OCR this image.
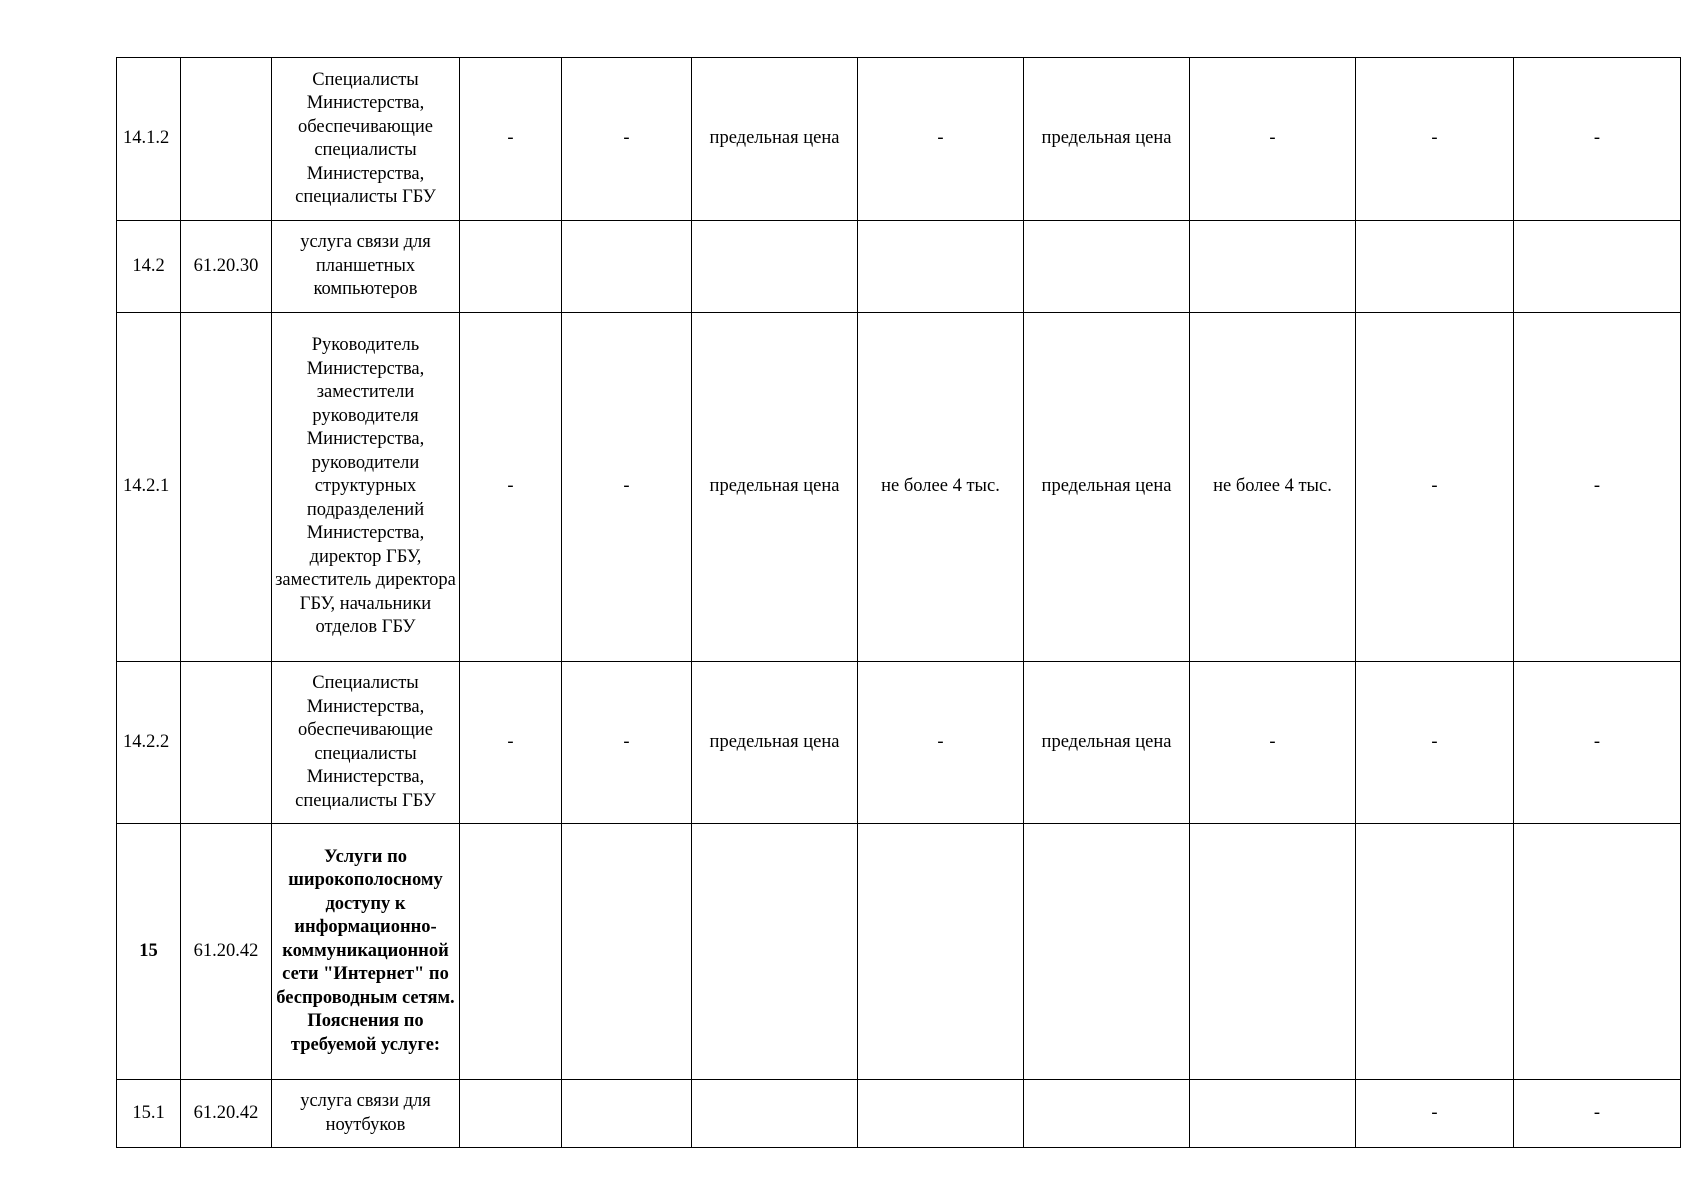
14.1.2		Специалисты Министерства, обеспечивающие специалисты Министерства, специалисты ГБУ	-	-	предельная цена	-	предельная цена	-	-	-
14.2	61.20.30	услуга связи для планшетных компьютеров								
14.2.1		Руководитель Министерства, заместители руководителя Министерства, руководители структурных подразделений Министерства, директор ГБУ, заместитель директора ГБУ, начальники отделов ГБУ	-	-	предельная цена	не более 4 тыс.	предельная цена	не более 4 тыс.	-	-
14.2.2		Специалисты Министерства, обеспечивающие специалисты Министерства, специалисты ГБУ	-	-	предельная цена	-	предельная цена	-	-	-
15	61.20.42	Услуги по широкополосному доступу к информационно-коммуникационной сети "Интернет" по беспроводным сетям. Пояснения по требуемой услуге:								
15.1	61.20.42	услуга связи для ноутбуков							-	-
